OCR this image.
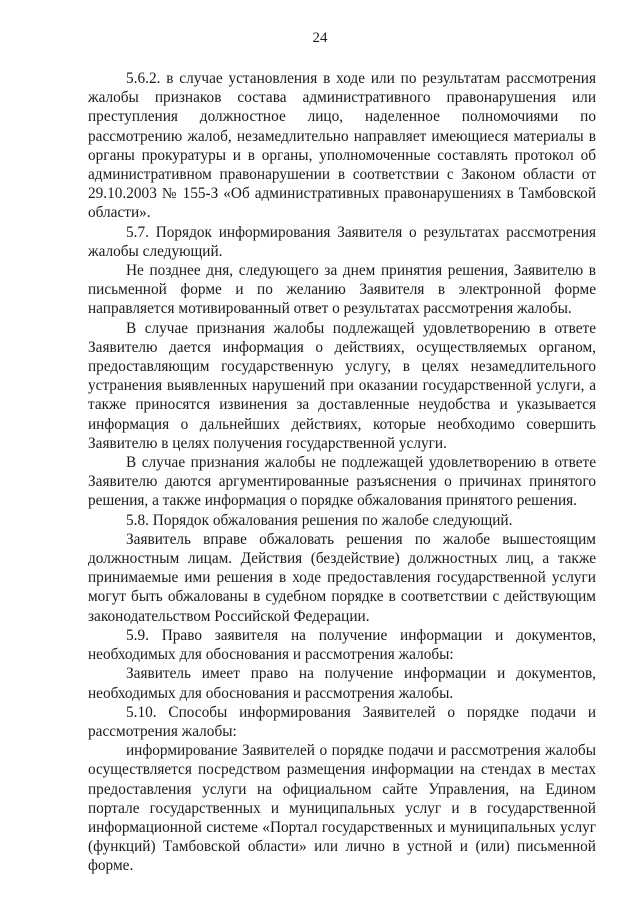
24

5.6.2. в случае установления в ходе или по результатам рассмотрения жалобы признаков состава административного правонарушения или преступления должностное лицо, наделенное полномочиями по рассмотрению жалоб, незамедлительно направляет имеющиеся материалы в органы прокуратуры и в органы, уполномоченные составлять протокол об административном правонарушении в соответствии с Законом области от 29.10.2003 № 155-З «Об административных правонарушениях в Тамбовской области».

5.7. Порядок информирования Заявителя о результатах рассмотрения жалобы следующий.

Не позднее дня, следующего за днем принятия решения, Заявителю в письменной форме и по желанию Заявителя в электронной форме направляется мотивированный ответ о результатах рассмотрения жалобы.

В случае признания жалобы подлежащей удовлетворению в ответе Заявителю дается информация о действиях, осуществляемых органом, предоставляющим государственную услугу, в целях незамедлительного устранения выявленных нарушений при оказании государственной услуги, а также приносятся извинения за доставленные неудобства и указывается информация о дальнейших действиях, которые необходимо совершить Заявителю в целях получения государственной услуги.

В случае признания жалобы не подлежащей удовлетворению в ответе Заявителю даются аргументированные разъяснения о причинах принятого решения, а также информация о порядке обжалования принятого решения.

5.8. Порядок обжалования решения по жалобе следующий.

Заявитель вправе обжаловать решения по жалобе вышестоящим должностным лицам. Действия (бездействие) должностных лиц, а также принимаемые ими решения в ходе предоставления государственной услуги могут быть обжалованы в судебном порядке в соответствии с действующим законодательством Российской Федерации.

5.9. Право заявителя на получение информации и документов, необходимых для обоснования и рассмотрения жалобы:

Заявитель имеет право на получение информации и документов, необходимых для обоснования и рассмотрения жалобы.

5.10. Способы информирования Заявителей о порядке подачи и рассмотрения жалобы:

информирование Заявителей о порядке подачи и рассмотрения жалобы осуществляется посредством размещения информации на стендах в местах предоставления услуги на официальном сайте Управления, на Едином портале государственных и муниципальных услуг и в государственной информационной системе «Портал государственных и муниципальных услуг (функций) Тамбовской области» или лично в устной и (или) письменной форме.
